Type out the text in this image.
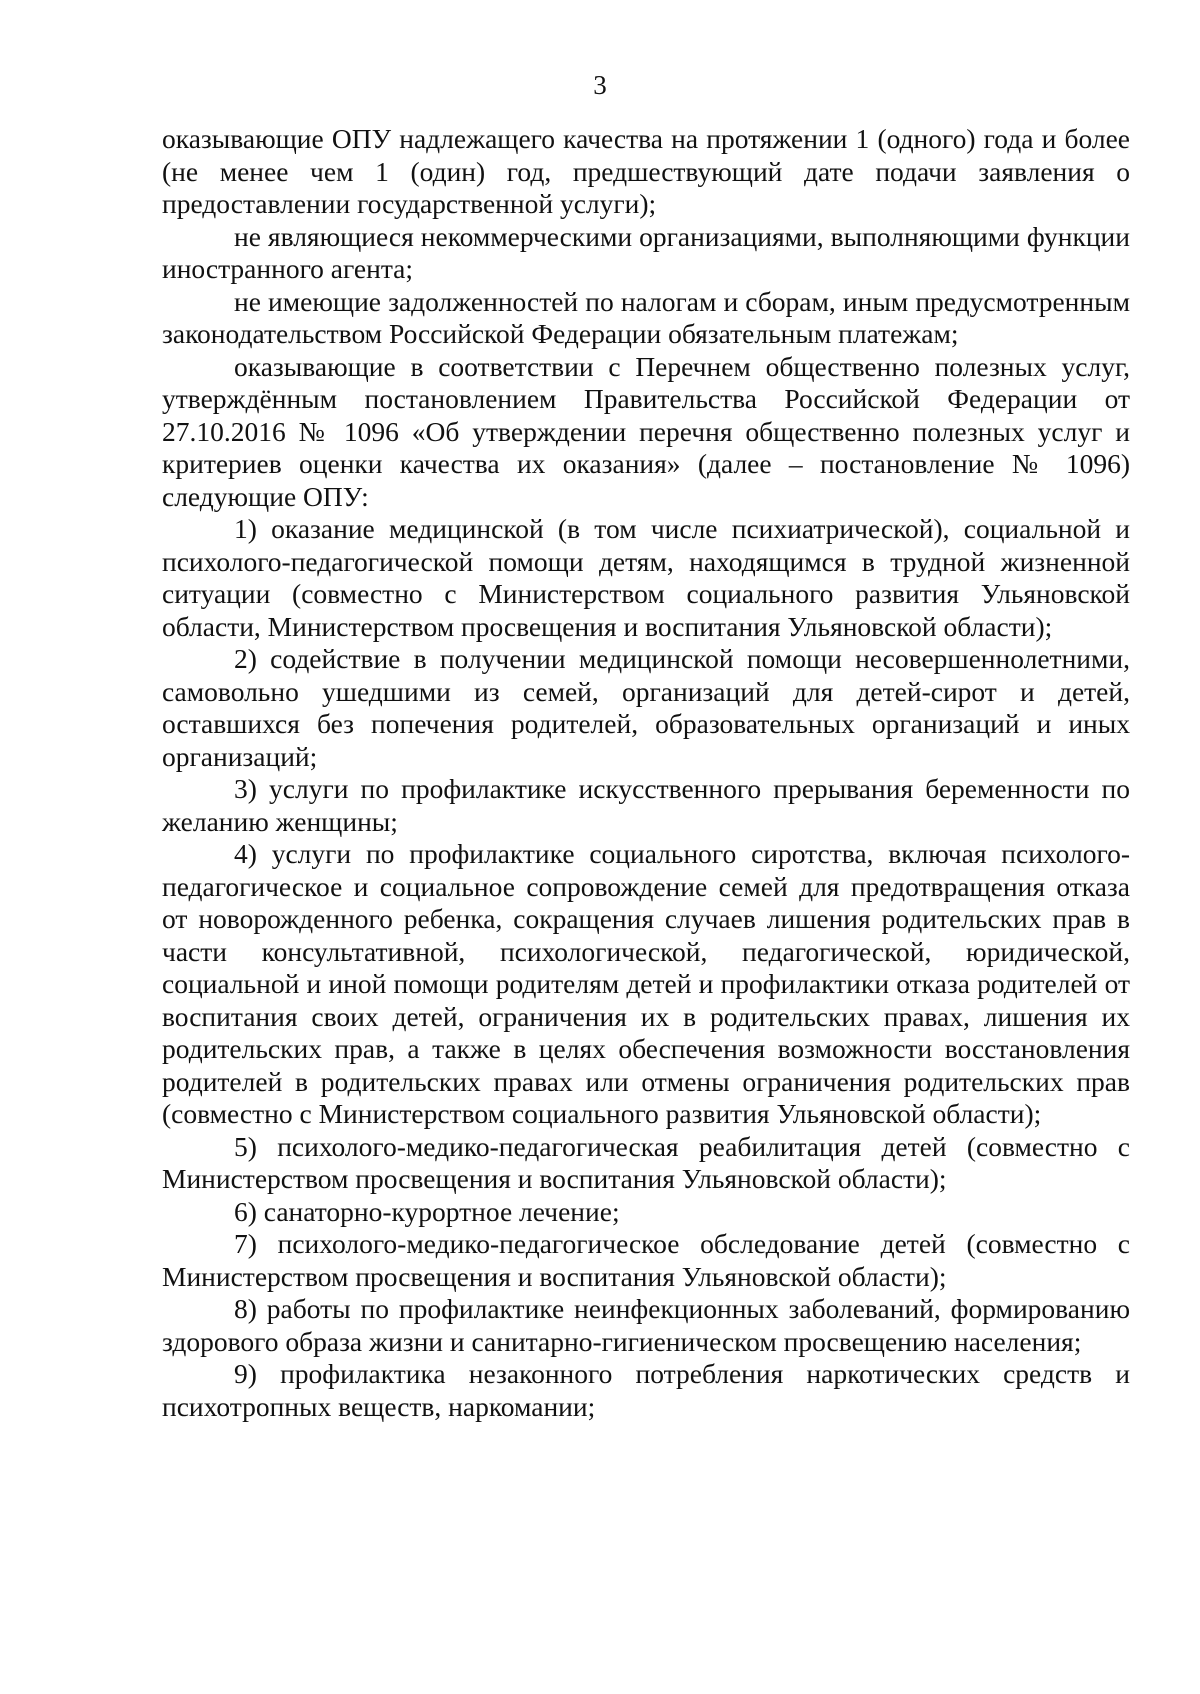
3

оказывающие ОПУ надлежащего качества на протяжении 1 (одного) года и более (не менее чем 1 (один) год, предшествующий дате подачи заявления о предоставлении государственной услуги);

не являющиеся некоммерческими организациями, выполняющими функции иностранного агента;

не имеющие задолженностей по налогам и сборам, иным предусмотренным законодательством Российской Федерации обязательным платежам;

оказывающие в соответствии с Перечнем общественно полезных услуг, утверждённым постановлением Правительства Российской Федерации от 27.10.2016 № 1096 «Об утверждении перечня общественно полезных услуг и критериев оценки качества их оказания» (далее – постановление № 1096) следующие ОПУ:

1) оказание медицинской (в том числе психиатрической), социальной и психолого-педагогической помощи детям, находящимся в трудной жизненной ситуации (совместно с Министерством социального развития Ульяновской области, Министерством просвещения и воспитания Ульяновской области);

2) содействие в получении медицинской помощи несовершеннолетними, самовольно ушедшими из семей, организаций для детей-сирот и детей, оставшихся без попечения родителей, образовательных организаций и иных организаций;

3) услуги по профилактике искусственного прерывания беременности по желанию женщины;

4) услуги по профилактике социального сиротства, включая психолого-педагогическое и социальное сопровождение семей для предотвращения отказа от новорожденного ребенка, сокращения случаев лишения родительских прав в части консультативной, психологической, педагогической, юридической, социальной и иной помощи родителям детей и профилактики отказа родителей от воспитания своих детей, ограничения их в родительских правах, лишения их родительских прав, а также в целях обеспечения возможности восстановления родителей в родительских правах или отмены ограничения родительских прав (совместно с Министерством социального развития Ульяновской области);

5) психолого-медико-педагогическая реабилитация детей (совместно с Министерством просвещения и воспитания Ульяновской области);

6) санаторно-курортное лечение;

7) психолого-медико-педагогическое обследование детей (совместно с Министерством просвещения и воспитания Ульяновской области);

8) работы по профилактике неинфекционных заболеваний, формированию здорового образа жизни и санитарно-гигиеническом просвещению населения;

9) профилактика незаконного потребления наркотических средств и психотропных веществ, наркомании;
